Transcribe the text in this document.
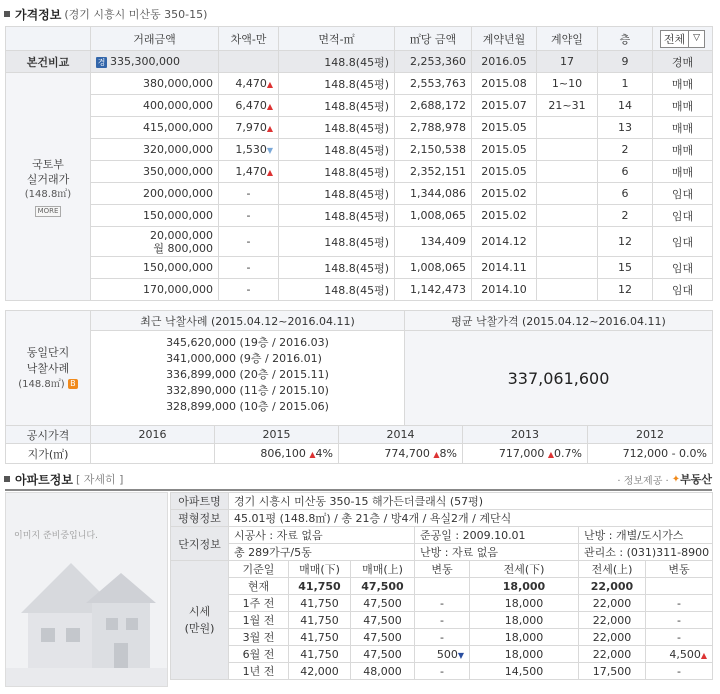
가격정보 (경기 시흥시 미산동 350-15)
	거래금액	차액-만	면적-㎡	㎡당 금액	계약년월	계약일	층	전체 ▽

본건비교	경 335,300,000		148.8(45평)	2,253,360	2016.05	17	9	경매

국토부
실거래가
(148.8㎡)
MORE	380,000,000	4,470▲	148.8(45평)	2,553,763	2015.08	1~10	1	매매

	400,000,000	6,470▲	148.8(45평)	2,688,172	2015.07	21~31	14	매매

	415,000,000	7,970▲	148.8(45평)	2,788,978	2015.05		13	매매

	320,000,000	1,530▼	148.8(45평)	2,150,538	2015.05		2	매매

	350,000,000	1,470▲	148.8(45평)	2,352,151	2015.05		6	매매

	200,000,000	-	148.8(45평)	1,344,086	2015.02		6	임대

	150,000,000	-	148.8(45평)	1,008,065	2015.02		2	임대

	20,000,000
월 800,000	-	148.8(45평)	134,409	2014.12		12	임대

	150,000,000	-	148.8(45평)	1,008,065	2014.11		15	임대

	170,000,000	-	148.8(45평)	1,142,473	2014.10		12	임대
동일단지
낙찰사례
(148.8㎡) B	최근 낙찰사례 (2015.04.12~2016.04.11)	평균 낙찰가격 (2015.04.12~2016.04.11)

	345,620,000 (19층 / 2016.03)
341,000,000 (9층 / 2016.01)
336,899,000 (20층 / 2015.11)
332,890,000 (11층 / 2015.10)
328,899,000 (10층 / 2015.06)	337,061,600
공시가격	2016	2015	2014	2013	2012
지가(㎡)		806,100 ▲4%	774,700 ▲8%	717,000 ▲0.7%	712,000 - 0.0%
아파트정보 [ 자세히 ]	· 정보제공 · ✦ 부동산
이미지 준비중입니다.
아파트명	경기 시흥시 미산동 350-15 해가든더클래식 (57평)						
평형정보	45.01평 (148.8㎡) / 총 21층 / 방4개 / 욕실2개 / 계단식						
단지정보	시공사 : 자료 없음			준공일 : 2009.10.01		난방 : 개별/도시가스	
	총 289가구/5동			난방 : 자료 없음		관리소 : (031)311-8900	

시세
(만원)	기준일	매매(下)	매매(上)	변동	전세(下)	전세(上)	변동
	현재	41,750	47,500		18,000	22,000	
	1주 전	41,750	47,500	-	18,000	22,000	-
	1월 전	41,750	47,500	-	18,000	22,000	-
	3월 전	41,750	47,500	-	18,000	22,000	-
	6월 전	41,750	47,500	500▼	18,000	22,000	4,500▲
	1년 전	42,000	48,000	-	14,500	17,500	-
